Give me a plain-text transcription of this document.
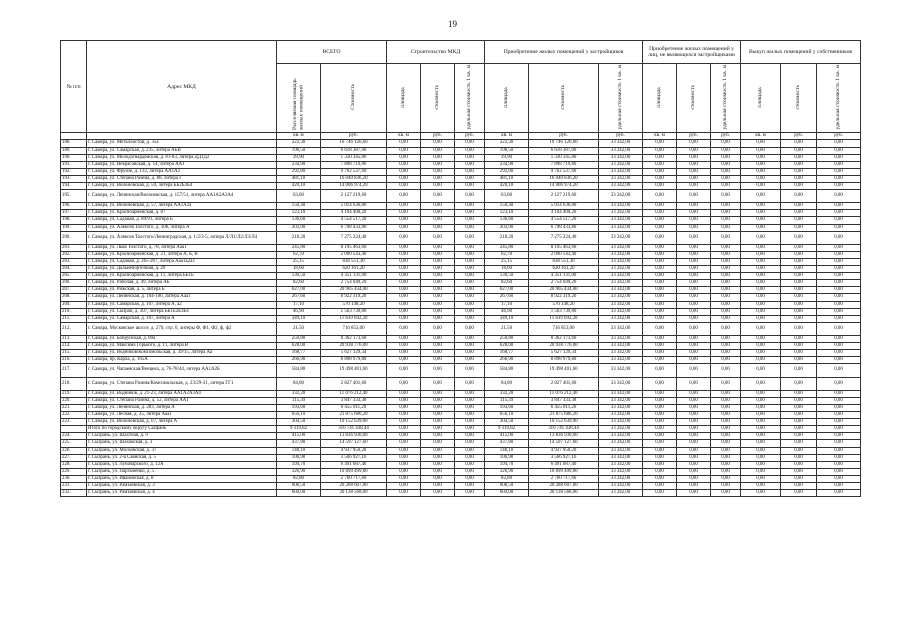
19
№ п/п	Адрес МКД	ВСЕГО		Строительство МКД			Приобретение жилых помещений у застройщиков			Приобретение жилых помещений у лиц, не являющихся застройщиками			Выкуп жилых помещений у собственников		
		Расселяемая площадь жилых помещений	Стоимость	площадь	стоимость	удельная стоимость 1 кв. м	площадь	стоимость	удельная стоимость 1 кв. м	площадь	стоимость	удельная стоимость 1 кв. м	площадь	стоимость	удельная стоимость 1 кв. м
		кв. м	руб.	кв. м	руб.	руб.	кв. м	руб.	руб.	кв. м	руб.	руб.	кв. м	руб.	руб.
188.	г. Самара, ул. Металлистов, д. 35а	322,30	10 746 126,60	0,00	0,00	0,00	322,30	10 746 126,60	33 342,00	0,00	0,00	0,00	0,00	0,00	0,00
189.	г. Самара, ул. Самарская, д. 235, литера АБВ	198,50	6 618 387,00	0,00	0,00	0,00	198,50	6 618 387,00	33 342,00	0,00	0,00	0,00	0,00	0,00	0,00
190.	г. Самара, ул. Молодогвардейская, д. 81-83, литера ДД1Д2	39,90	1 330 345,80	0,00	0,00	0,00	39,90	1 330 345,80	33 342,00	0,00	0,00	0,00	0,00	0,00	0,00
191.	г. Самара, ул. Некрасовская, д. 14, литера АА1	234,90	7 898 719,80	0,00	0,00	0,00	234,90	7 898 719,80	33 342,00	0,00	0,00	0,00	0,00	0,00	0,00
192.	г. Самара, ул. Фрунзе, д. 133, литера АА1А2	292,80	9 762 537,60	0,00	0,00	0,00	292,80	9 762 537,60	33 342,00	0,00	0,00	0,00	0,00	0,00	0,00
193.	г. Самара, ул. Степана Разина, д. 88, литера Г	481,10	16 040 836,20	0,00	0,00	0,00	481,10	16 040 836,20	33 342,00	0,00	0,00	0,00	0,00	0,00	0,00
194.	г. Самара, ул. Вилоновская, д. 59, литера ББ2Б3Б4	420,10	14 006 974,20	0,00	0,00	0,00	420,10	14 006 974,20	33 342,00	0,00	0,00	0,00	0,00	0,00	0,00
195.	г. Самара, ул. Ленинская/Вилоновская, д. 157/51, литера АА1А2А3А4	63,80	2 127 219,60	0,00	0,00	0,00	63,80	2 127 219,60	33 342,00	0,00	0,00	0,00	0,00	0,00	0,00
196.	г. Самара, ул. Вилоновская, д. 57, литера АА1А2а	150,40	5 014 636,80	0,00	0,00	0,00	150,40	5 014 636,80	33 342,00	0,00	0,00	0,00	0,00	0,00	0,00
197.	г. Самара, ул. Красноармейская, д. 87	123,10	4 104 400,20	0,00	0,00	0,00	123,10	4 104 400,20	33 342,00	0,00	0,00	0,00	0,00	0,00	0,00
198.	г. Самара, ул. Садовая, д. 89/91, литера Б	136,60	4 554 517,20	0,00	0,00	0,00	136,60	4 554 517,20	33 342,00	0,00	0,00	0,00	0,00	0,00	0,00
199.	г. Самара, ул. Алексея Толстого, д. 106, литера А	203,90	6 798 433,80	0,00	0,00	0,00	203,90	6 798 433,80	33 342,00	0,00	0,00	0,00	0,00	0,00	0,00
200.	г. Самара, ул. Алексея Толстого/Ленинградская, д. 1/2/3-5, литера Л/Л1/Л2/Л3/Л4	218,20	7 275 224,40	0,00	0,00	0,00	218,20	7 275 224,40	33 342,00	0,00	0,00	0,00	0,00	0,00	0,00
201.	г. Самара, ул. Льва Толстого, д. 78, литера Ааа1	245,80	8 195 463,60	0,00	0,00	0,00	245,80	8 195 463,60	33 342,00	0,00	0,00	0,00	0,00	0,00	0,00
202.	г. Самара, ул. Красноармейская, д. 21, литера А, Б, В	62,70	2 090 543,40	0,00	0,00	0,00	62,70	2 090 543,40	33 342,00	0,00	0,00	0,00	0,00	0,00	0,00
203.	г. Самара, ул. Садовая, д. 265-267, литера Ааа1а2а3	25,15	838 551,30	0,00	0,00	0,00	25,15	838 551,30	33 342,00	0,00	0,00	0,00	0,00	0,00	0,00
204.	г. Самара, ул. Дальнепорточная, д. 29	18,60	620 161,20	0,00	0,00	0,00	18,60	620 161,20	33 342,00	0,00	0,00	0,00	0,00	0,00	0,00
205.	г. Самара, ул. Красноармейская, д. 11, литера ББ1Б	130,50	4 351 131,00	0,00	0,00	0,00	130,50	4 351 131,00	33 342,00	0,00	0,00	0,00	0,00	0,00	0,00
206.	г. Самара, ул. Рабочая, д. 49, литера АБ	82,60	2 754 049,20	0,00	0,00	0,00	82,60	2 754 049,20	33 342,00	0,00	0,00	0,00	0,00	0,00	0,00
207.	г. Самара, ул. Рижская, д. 5, литера Б	627,00	20 905 434,00	0,00	0,00	0,00	627,00	20 905 434,00	33 342,00	0,00	0,00	0,00	0,00	0,00	0,00
208.	г. Самара, ул. Ленинская, д. 104-106, литера Ааа1	267,60	8 922 319,20	0,00	0,00	0,00	267,60	8 922 319,20	33 342,00	0,00	0,00	0,00	0,00	0,00	0,00
209.	г. Самара, ул. Самарская, д. 107, литера А, а2	17,10	570 148,20	0,00	0,00	0,00	17,10	570 148,20	33 342,00	0,00	0,00	0,00	0,00	0,00	0,00
210.	г. Самара, ул. Сызран, д. 307, литера ББ1Б2Б3Б4	46,90	1 563 739,80	0,00	0,00	0,00	46,90	1 563 739,80	33 342,00	0,00	0,00	0,00	0,00	0,00	0,00
211.	г. Самара, ул. Самарская, д. 107, литера А	349,10	11 639 692,20	0,00	0,00	0,00	349,10	11 639 692,20	33 342,00	0,00	0,00	0,00	0,00	0,00	0,00
212.	г. Самара, Московское шоссе, д. 270, стр. 6, литеры Ф, Ф1, Ф2, ф, ф2	21,50	716 853,00	0,00	0,00	0,00	21,50	716 853,00	33 342,00	0,00	0,00	0,00	0,00	0,00	0,00
213.	г. Самара, ул. Бобруйская, д. 89а	250,80	8 362 173,60	0,00	0,00	0,00	250,80	8 362 173,60	33 342,00	0,00	0,00	0,00	0,00	0,00	0,00
214.	г. Самара, ул. Максима Горького, д. 11, литера В	628,00	20 938 776,00	0,00	0,00	0,00	628,00	20 938 776,00	33 342,00	0,00	0,00	0,00	0,00	0,00	0,00
215.	г. Самара, ул. Водников/Комсомольская, д. 39/15, литера Аа	168,77	5 627 129,34	0,00	0,00	0,00	168,77	5 627 129,34	33 342,00	0,00	0,00	0,00	0,00	0,00	0,00
216.	г. Самара, пр. Карла, д. 165А	266,90	8 898 979,80	0,00	0,00	0,00	266,90	8 898 979,80	33 342,00	0,00	0,00	0,00	0,00	0,00	0,00
217.	г. Самара, ул. Чапаевская/Венцека, д. 76-78/44, литера АА1А2Б	584,80	19 498 401,60	0,00	0,00	0,00	584,80	19 498 401,60	33 342,00	0,00	0,00	0,00	0,00	0,00	0,00
218.	г. Самара, ул. Степана Разина/Комсомольская, д. 23/29-31, литера ГГ1	84,80	2 827 401,60	0,00	0,00	0,00	84,80	2 827 401,60	33 342,00	0,00	0,00	0,00	0,00	0,00	0,00
219.	г. Самара, ул. Водников, д. 21-23, литера АА1А2А3А4	332,20	11 076 212,40	0,00	0,00	0,00	332,20	11 076 212,40	33 342,00	0,00	0,00	0,00	0,00	0,00	0,00
220.	г. Самара, ул. Степана Разина, д. 52, литера АА1	115,39	3 847 333,38	0,00	0,00	0,00	115,39	3 847 333,38	33 342,00	0,00	0,00	0,00	0,00	0,00	0,00
221.	г. Самара, ул. Ленинская, д. 283, литера А	193,60	6 455 011,20	0,00	0,00	0,00	193,60	6 455 011,20	33 342,00	0,00	0,00	0,00	0,00	0,00	0,00
222.	г. Самара, ул. Лесная, д. 25, литера Ааа1	656,10	21 875 686,20	0,00	0,00	0,00	656,10	21 875 686,20	33 342,00	0,00	0,00	0,00	0,00	0,00	0,00
223.	г. Самара, ул. Вилоновская, д. 67, литера А	304,50	10 152 639,00	0,00	0,00	0,00	304,50	10 152 639,00	33 342,00	0,00	0,00	0,00	0,00	0,00	0,00
	Итого по городскому округу Сызрань	9 319,82	310 741 438,44	0,00	0,00	0,00	9 319,82	310 741 438,44	33 342,00	0,00	0,00	0,00	0,00	0,00	0,00
224.	г. Сызрань, ул. Шахтная, д. 9	415,00	13 836 930,00	0,00	0,00	0,00	415,00	13 836 930,00	33 342,00	0,00	0,00	0,00	0,00	0,00	0,00
225.	г. Сызрань, ул. Шаховская, д. 3	437,80	14 597 127,60	0,00	0,00	0,00	437,80	14 597 127,60	33 342,00	0,00	0,00	0,00	0,00	0,00	0,00
226.	г. Сызрань, ул. Московская, д. 37	148,10	4 937 950,20	0,00	0,00	0,00	148,10	4 937 950,20	33 342,00	0,00	0,00	0,00	0,00	0,00	0,00
227.	г. Сызрань, ул. 2-я Саянская, д. 5	106,98	3 566 927,16	0,00	0,00	0,00	106,98	3 566 927,16	33 342,00	0,00	0,00	0,00	0,00	0,00	0,00
228.	г. Сызрань, ул. Луначарского, д. 12А	194,70	6 491 687,40	0,00	0,00	0,00	194,70	6 491 687,40	33 342,00	0,00	0,00	0,00	0,00	0,00	0,00
229.	г. Сызрань, ул. Пархоменко, д. 5	326,90	10 899 499,80	0,00	0,00	0,00	326,90	10 899 499,80	33 342,00	0,00	0,00	0,00	0,00	0,00	0,00
230.	г. Сызрань, ул. Ивановская, д. 8	82,80	2 760 717,60	0,00	0,00	0,00	82,80	2 760 717,60	33 342,00	0,00	0,00	0,00	0,00	0,00	0,00
231.	г. Сызрань, ул. Рамзаевская, д. 3	608,50	20 288 607,00	0,00	0,00	0,00	608,50	20 288 607,00	33 342,00	0,00	0,00	0,00	0,00	0,00	0,00
232.	г. Сызрань, ул. Рамзаевская, д. 4	604,00	20 138 568,00	0,00	0,00	0,00	604,00	20 138 568,00	33 342,00	0,00	0,00	0,00	0,00	0,00	0,00
